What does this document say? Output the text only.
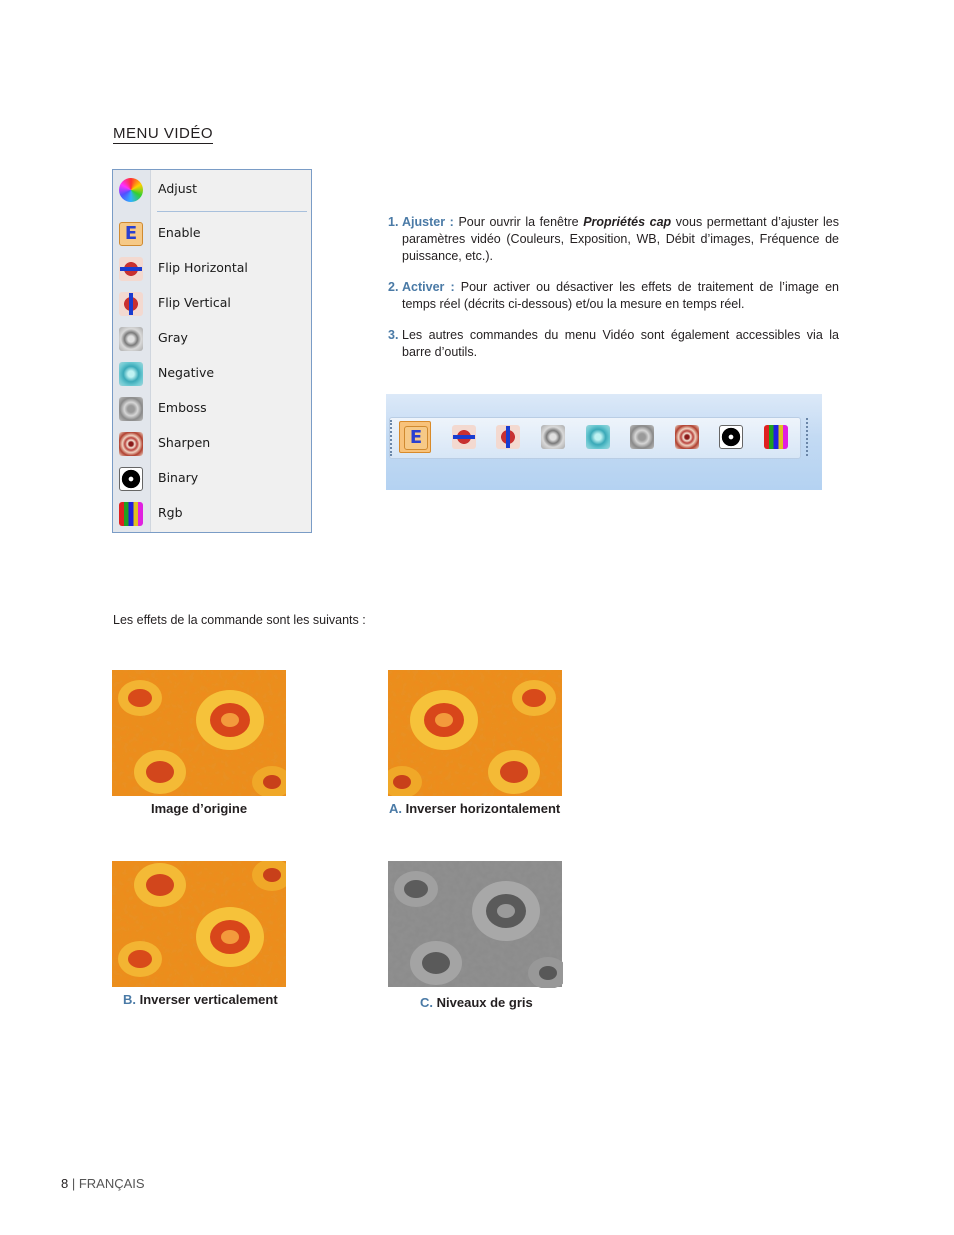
MENU VIDÉO
Adjust
E	Enable
Flip Horizontal
Flip Vertical
Gray
Negative
Emboss
Sharpen
Binary
Rgb
1. Ajuster : Pour ouvrir la fenêtre Propriétés cap vous permettant d’ajuster les paramètres vidéo (Couleurs, Exposition, WB, Débit d’images, Fréquence de puissance, etc.).
2. Activer : Pour activer ou désactiver les effets de traitement de l’image en temps réel (décrits ci-dessous) et/ou la mesure en temps réel.
3. Les autres commandes du menu Vidéo sont également accessibles via la barre d’outils.
E
Les effets de la commande sont les suivants :
Image d’origine	A. Inverser horizontalement
B. Inverser verticalement	C. Niveaux de gris
8 | FRANÇAIS
